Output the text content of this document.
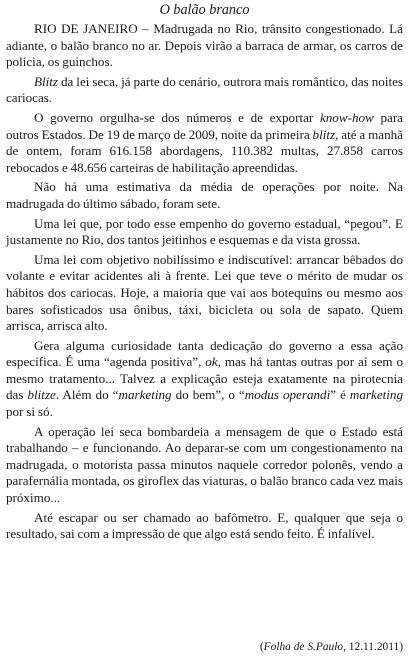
O balão branco

RIO DE JANEIRO – Madrugada no Rio, trânsito congestionado. Lá adiante, o balão branco no ar. Depois virão a barraca de armar, os carros de polícia, os guinchos.

Blitz da lei seca, já parte do cenário, outrora mais romântico, das noites cariocas.

O governo orgulha-se dos números e de exportar know-how para outros Estados. De 19 de março de 2009, noite da primeira blitz, até a manhã de ontem, foram 616.158 abordagens, 110.382 multas, 27.858 carros rebocados e 48.656 carteiras de habilitação apreendidas.

Não há uma estimativa da média de operações por noite. Na madrugada do último sábado, foram sete.

Uma lei que, por todo esse empenho do governo estadual, “pegou”. E justamente no Rio, dos tantos jeitinhos e esquemas e da vista grossa.

Uma lei com objetivo nobilíssimo e indiscutível: arrancar bêbados do volante e evitar acidentes ali à frente. Lei que teve o mérito de mudar os hábitos dos cariocas. Hoje, a maioria que vai aos botequins ou mesmo aos bares sofisticados usa ônibus, táxi, bicicleta ou sola de sapato. Quem arrisca, arrisca alto.

Gera alguma curiosidade tanta dedicação do governo a essa ação específica. É uma “agenda positiva”, ok, mas há tantas outras por aí sem o mesmo tratamento... Talvez a explicação esteja exatamente na pirotecnia das blitze. Além do “marketing do bem”, o “modus operandi” é marketing por si só.

A operação lei seca bombardeia a mensagem de que o Estado está trabalhando – e funcionando. Ao deparar-se com um congestionamento na madrugada, o motorista passa minutos naquele corredor polonês, vendo a parafernália montada, os giroflex das viaturas, o balão branco cada vez mais próximo...

Até escapar ou ser chamado ao bafômetro. E, qualquer que seja o resultado, sai com a impressão de que algo está sendo feito. É infalível.

(Folha de S.Paulo, 12.11.2011)
